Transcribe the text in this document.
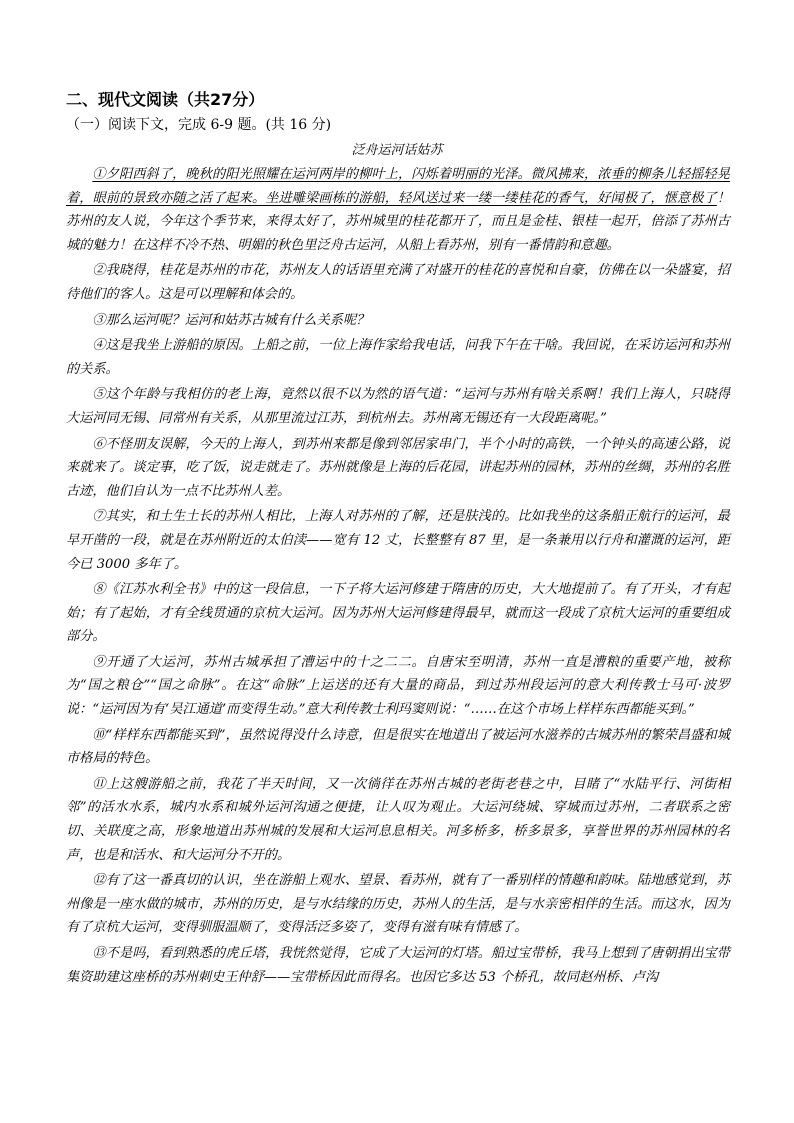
二、现代文阅读（共27分）
（一）阅读下文，完成 6-9 题。(共 16 分)
泛舟运河话姑苏

①夕阳西斜了，晚秋的阳光照耀在运河两岸的柳叶上，闪烁着明丽的光泽。微风拂来，浓垂的柳条儿轻摇轻晃着，眼前的景致亦随之活了起来。坐进雕梁画栋的游船，轻风送过来一缕一缕桂花的香气，好闻极了，惬意极了！苏州的友人说，今年这个季节来，来得太好了，苏州城里的桂花都开了，而且是金桂、银桂一起开，倍添了苏州古城的魅力！在这样不冷不热、明媚的秋色里泛舟古运河，从船上看苏州，别有一番情韵和意趣。

②我晓得，桂花是苏州的市花，苏州友人的话语里充满了对盛开的桂花的喜悦和自豪，仿佛在以一朵盛宴，招待他们的客人。这是可以理解和体会的。

③那么运河呢？运河和姑苏古城有什么关系呢？

④这是我坐上游船的原因。上船之前，一位上海作家给我电话，问我下午在干啥。我回说，在采访运河和苏州的关系。

⑤这个年龄与我相仿的老上海，竟然以很不以为然的语气道：“运河与苏州有啥关系啊！我们上海人，只晓得大运河同无锡、同常州有关系，从那里流过江苏，到杭州去。苏州离无锡还有一大段距离呢。”

⑥不怪朋友误解，今天的上海人，到苏州来都是像到邻居家串门，半个小时的高铁，一个钟头的高速公路，说来就来了。谈定事，吃了饭，说走就走了。苏州就像是上海的后花园，讲起苏州的园林，苏州的丝绸，苏州的名胜古迹，他们自认为一点不比苏州人差。

⑦其实，和土生土长的苏州人相比，上海人对苏州的了解，还是肤浅的。比如我坐的这条船正航行的运河，最早开凿的一段，就是在苏州附近的太伯渎——宽有 12 丈，长整整有 87 里，是一条兼用以行舟和灌溉的运河，距今已 3000 多年了。

⑧《江苏水利全书》中的这一段信息，一下子将大运河修建于隋唐的历史，大大地提前了。有了开头，才有起始；有了起始，才有全线贯通的京杭大运河。因为苏州大运河修建得最早，就而这一段成了京杭大运河的重要组成部分。

⑨开通了大运河，苏州古城承担了漕运中的十之二二。自唐宋至明清，苏州一直是漕粮的重要产地，被称为“国之粮仓”“国之命脉”。在这“命脉”上运送的还有大量的商品，到过苏州段运河的意大利传教士马可·波罗说：“运河因为有‘吴江通道’而变得生动。”意大利传教士利玛窦则说：“……在这个市场上样样东西都能买到。”

⑩“样样东西都能买到”，虽然说得没什么诗意，但是很实在地道出了被运河水滋养的古城苏州的繁荣昌盛和城市格局的特色。

⑪上这艘游船之前，我花了半天时间，又一次徜徉在苏州古城的老街老巷之中，目睹了“水陆平行、河街相邻”的活水水系，城内水系和城外运河沟通之便捷，让人叹为观止。大运河绕城、穿城而过苏州，二者联系之密切、关联度之高，形象地道出苏州城的发展和大运河息息相关。河多桥多，桥多景多，享誉世界的苏州园林的名声，也是和活水、和大运河分不开的。

⑫有了这一番真切的认识，坐在游船上观水、望景、看苏州，就有了一番别样的情趣和韵味。陆地感觉到，苏州像是一座水做的城市，苏州的历史，是与水结缘的历史，苏州人的生活，是与水亲密相伴的生活。而这水，因为有了京杭大运河，变得驯服温顺了，变得活泛多姿了，变得有滋有味有情感了。

⑬不是吗，看到熟悉的虎丘塔，我恍然觉得，它成了大运河的灯塔。船过宝带桥，我马上想到了唐朝捐出宝带集资助建这座桥的苏州刺史王仲舒——宝带桥因此而得名。也因它多达 53 个桥孔，故同赵州桥、卢沟
